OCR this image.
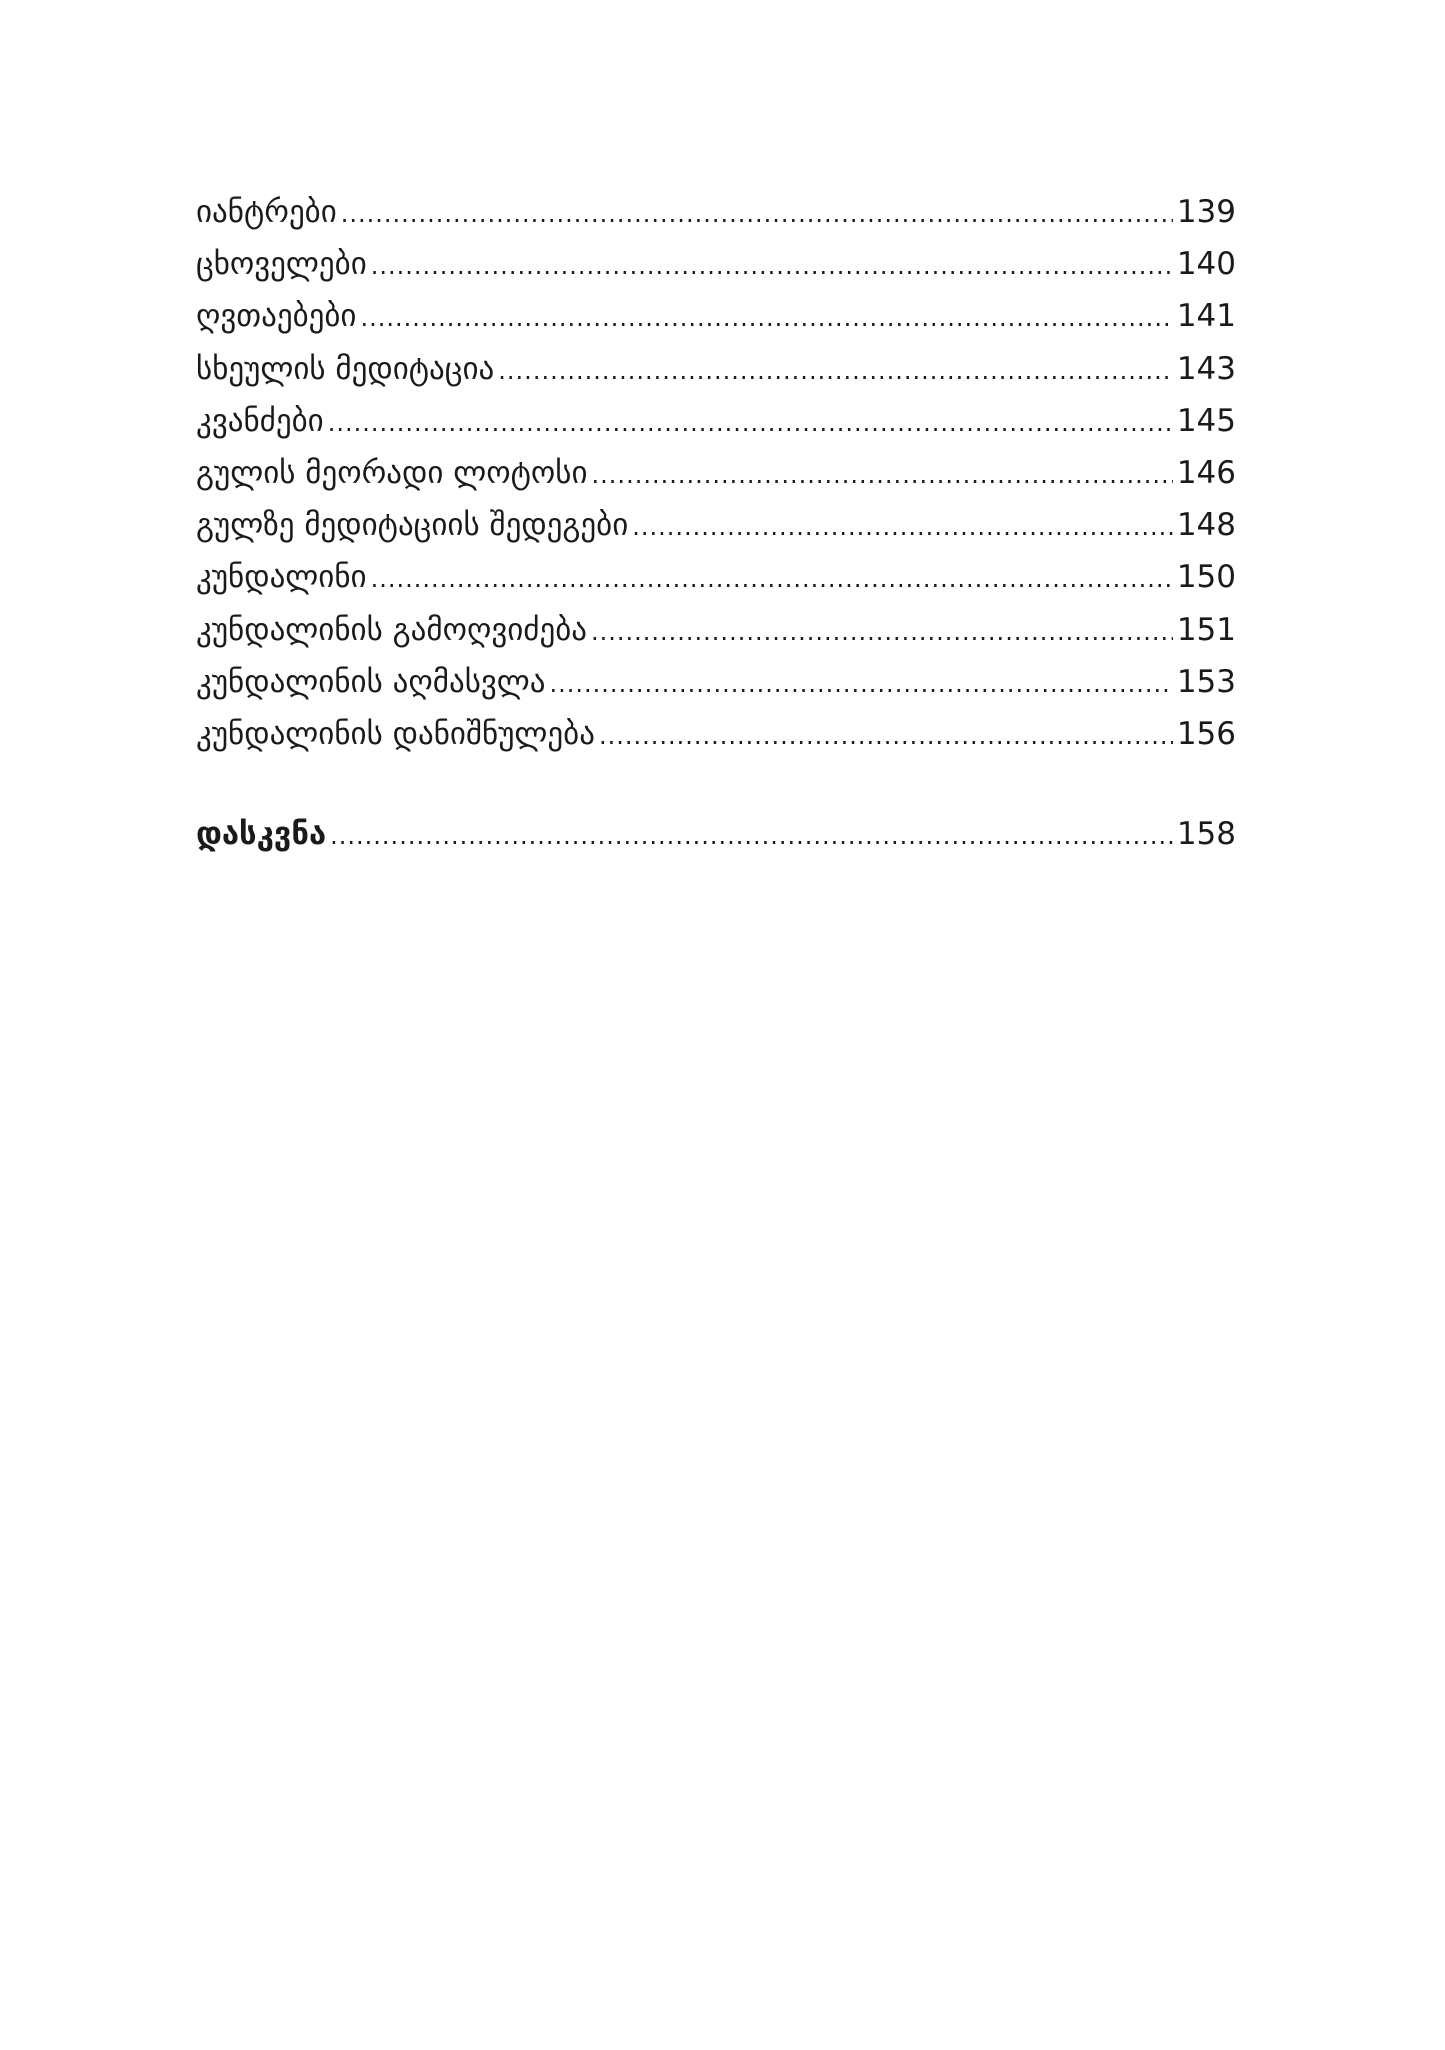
იანტრები .....	139
ცხოველები .....	140
ღვთაებები .....	141
სხეულის მედიტაცია .....	143
კვანძები .....	145
გულის მეორადი ლოტოსი .....	146
გულზე მედიტაციის შედეგები .....	148
კუნდალინი .....	150
კუნდალინის გამოღვიძება .....	151
კუნდალინის აღმასვლა .....	153
კუნდალინის დანიშნულება .....	156
დასკვნა .....	158
